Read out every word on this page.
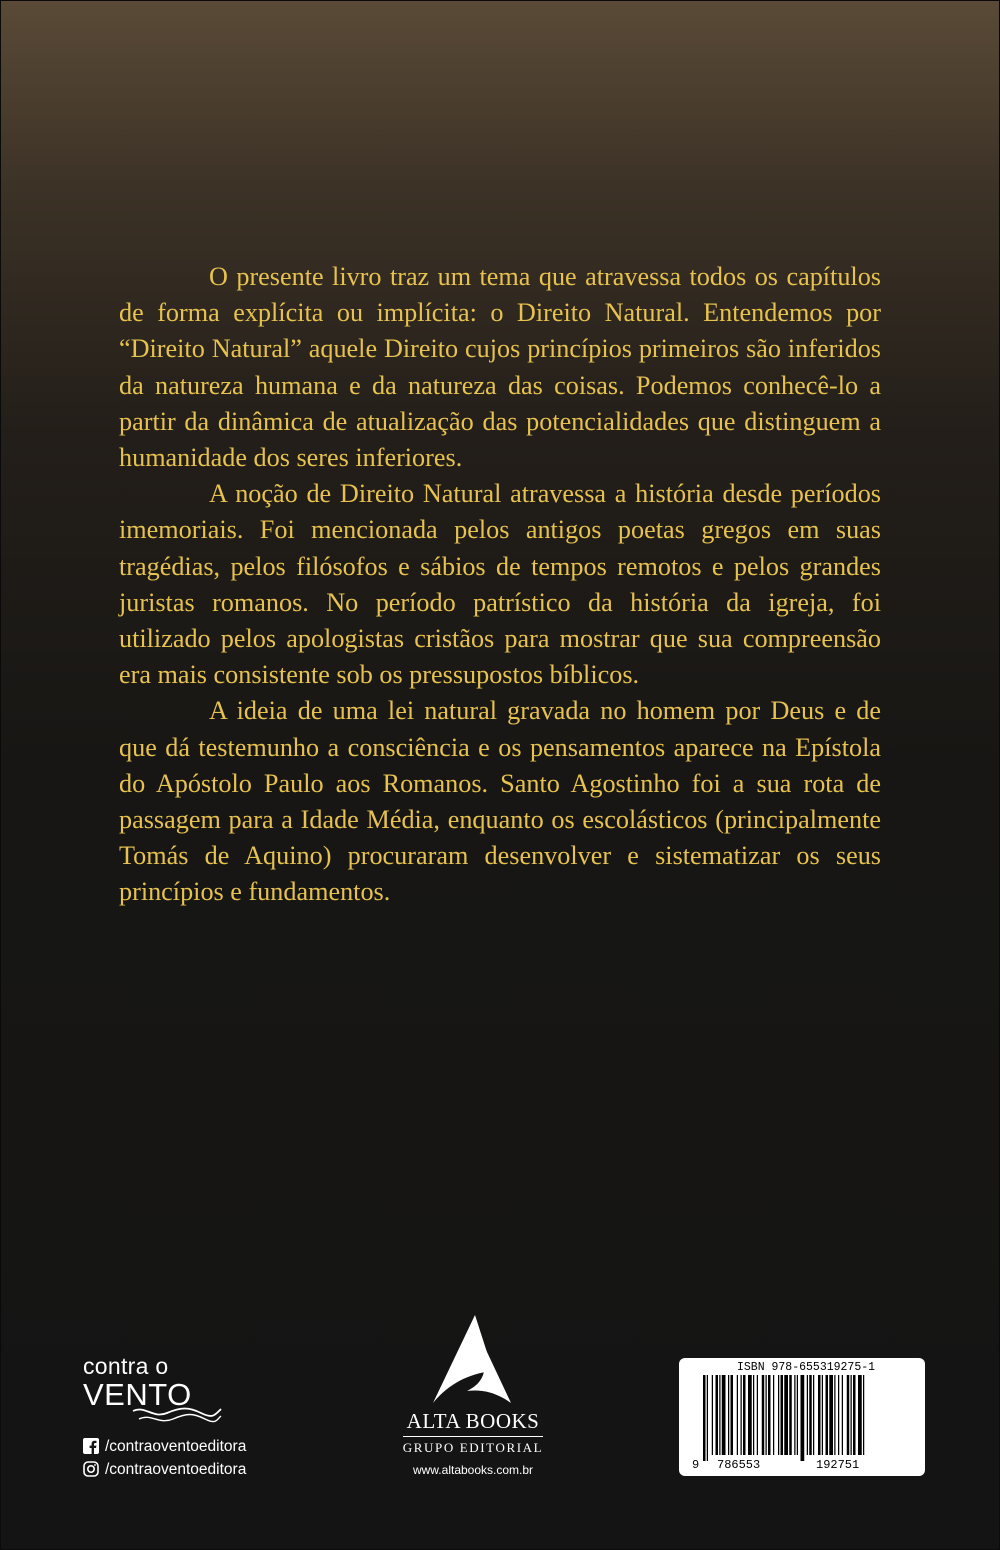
O presente livro traz um tema que atravessa todos os capítulos de forma explícita ou implícita: o Direito Natural. Entendemos por “Direito Natural” aquele Direito cujos princípios primeiros são inferidos da natureza humana e da natureza das coisas. Podemos conhecê-lo a partir da dinâmica de atualização das potencialidades que distinguem a humanidade dos seres inferiores.

A noção de Direito Natural atravessa a história desde períodos imemoriais. Foi mencionada pelos antigos poetas gregos em suas tragédias, pelos filósofos e sábios de tempos remotos e pelos grandes juristas romanos. No período patrístico da história da igreja, foi utilizado pelos apologistas cristãos para mostrar que sua compreensão era mais consistente sob os pressupostos bíblicos.

A ideia de uma lei natural gravada no homem por Deus e de que dá testemunho a consciência e os pensamentos aparece na Epístola do Apóstolo Paulo aos Romanos. Santo Agostinho foi a sua rota de passagem para a Idade Média, enquanto os escolásticos (principalmente Tomás de Aquino) procuraram desenvolver e sistematizar os seus princípios e fundamentos.

contra o
VENTO
/contraoventoeditora
/contraoventoeditora
ALTA BOOKS
GRUPO EDITORIAL
www.altabooks.com.br
ISBN 978-655319275-1
9 786553	192751
